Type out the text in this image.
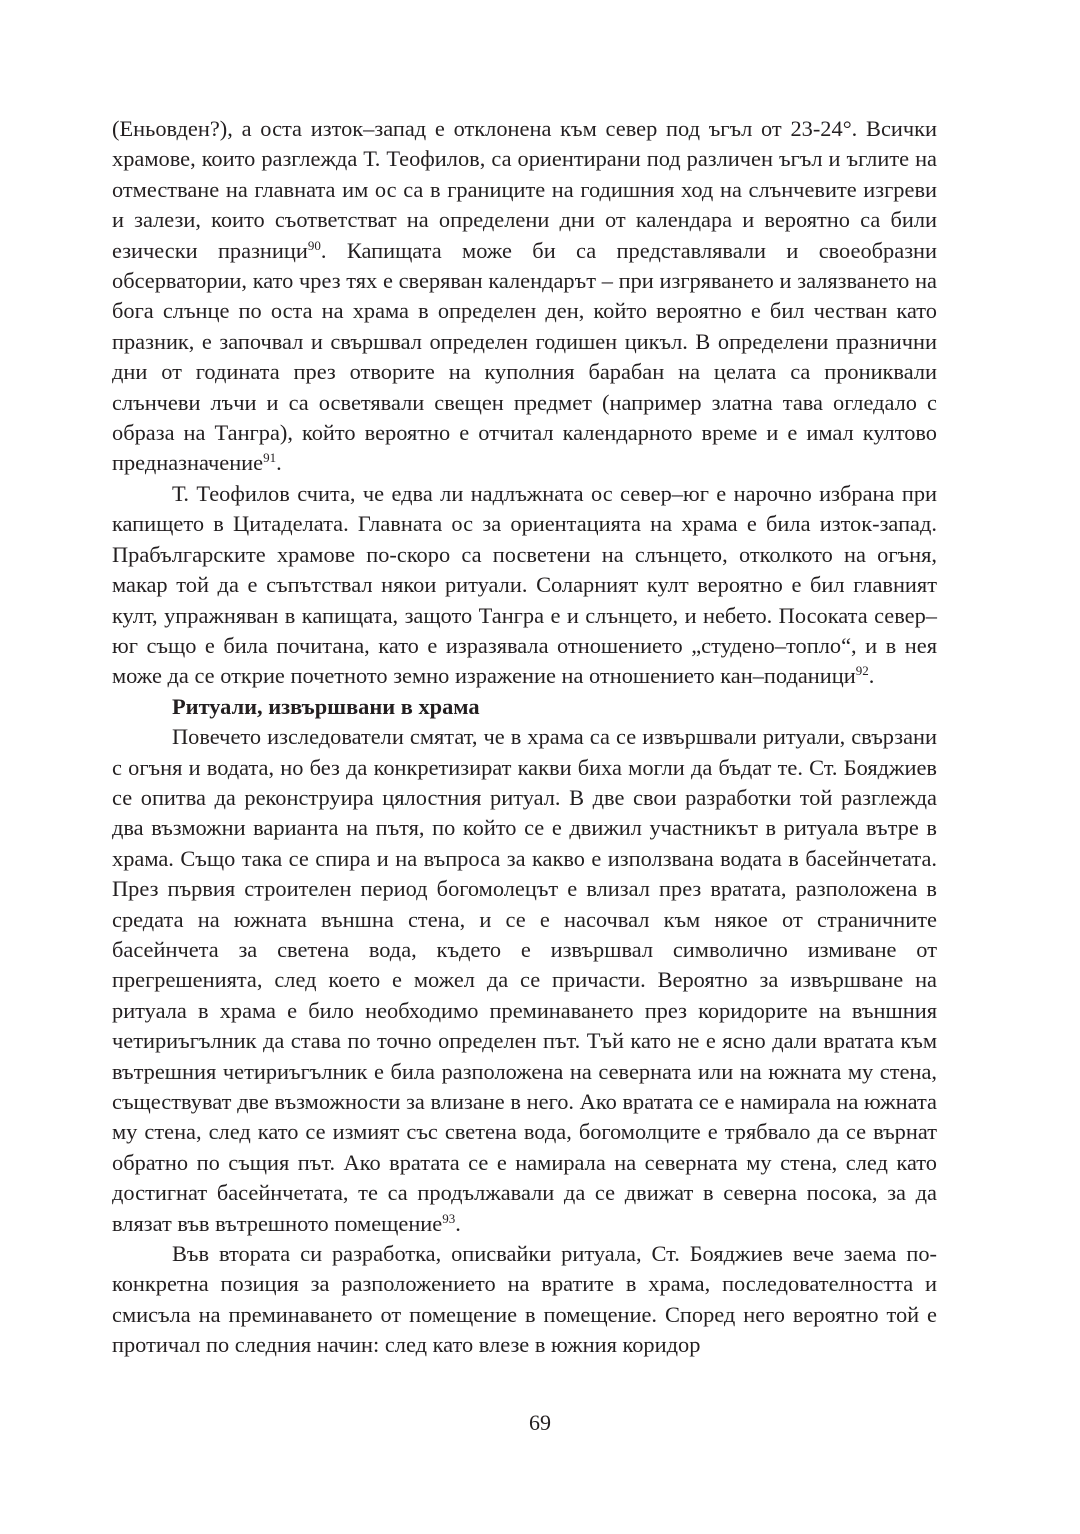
(Еньовден?), а оста изток–запад е отклонена към север под ъгъл от 23-24°. Всички храмове, които разглежда Т. Теофилов, са ориентирани под различен ъгъл и ъглите на отместване на главната им ос са в границите на годишния ход на слънчевите изгреви и залези, които съответстват на определени дни от календара и вероятно са били езически празници$^{90}$. Капищата може би са представлявали и своеобразни обсерватории, като чрез тях е сверяван календарът – при изгряването и залязването на бога слънце по оста на храма в определен ден, който вероятно е бил честван като празник, е започвал и свършвал определен годишен цикъл. В определени празнични дни от годината през отворите на куполния барабан на целата са прониквали слънчеви лъчи и са осветявали свещен предмет (например златна тава огледало с образа на Тангра), който вероятно е отчитал календарното време и е имал култово предназначение$^{91}$.

Т. Теофилов счита, че едва ли надлъжната ос север–юг е нарочно избрана при капището в Цитаделата. Главната ос за ориентацията на храма е била изток-запад. Прабългарските храмове по-скоро са посветени на слънцето, отколкото на огъня, макар той да е съпътствал някои ритуали. Соларният култ вероятно е бил главният култ, упражняван в капищата, защото Тангра е и слънцето, и небето. Посоката север–юг също е била почитана, като е изразявала отношението „студено–топло“, и в нея може да се открие почетното земно изражение на отношението кан–поданици$^{92}$.

Ритуали, извършвани в храма

Повечето изследователи смятат, че в храма са се извършвали ритуали, свързани с огъня и водата, но без да конкретизират какви биха могли да бъдат те. Ст. Бояджиев се опитва да реконструира цялостния ритуал. В две свои разработки той разглежда два възможни варианта на пътя, по който се е движил участникът в ритуала вътре в храма. Също така се спира и на въпроса за какво е използвана водата в басейнчетата. През първия строителен период богомолецът е влизал през вратата, разположена в средата на южната външна стена, и се е насочвал към някое от страничните басейнчета за светена вода, където е извършвал символично измиване от прегрешенията, след което е можел да се причасти. Вероятно за извършване на ритуала в храма е било необходимо преминаването през коридорите на външния четириъгълник да става по точно определен път. Тъй като не е ясно дали вратата към вътрешния четириъгълник е била разположена на северната или на южната му стена, съществуват две възможности за влизане в него. Ако вратата се е намирала на южната му стена, след като се измият със светена вода, богомолците е трябвало да се върнат обратно по същия път. Ако вратата се е намирала на северната му стена, след като достигнат басейнчетата, те са продължавали да се движат в северна посока, за да влязат във вътрешното помещение$^{93}$.

Във втората си разработка, описвайки ритуала, Ст. Бояджиев вече заема по-конкретна позиция за разположението на вратите в храма, последователността и смисъла на преминаването от помещение в помещение. Според него вероятно той е протичал по следния начин: след като влезе в южния коридор

69
